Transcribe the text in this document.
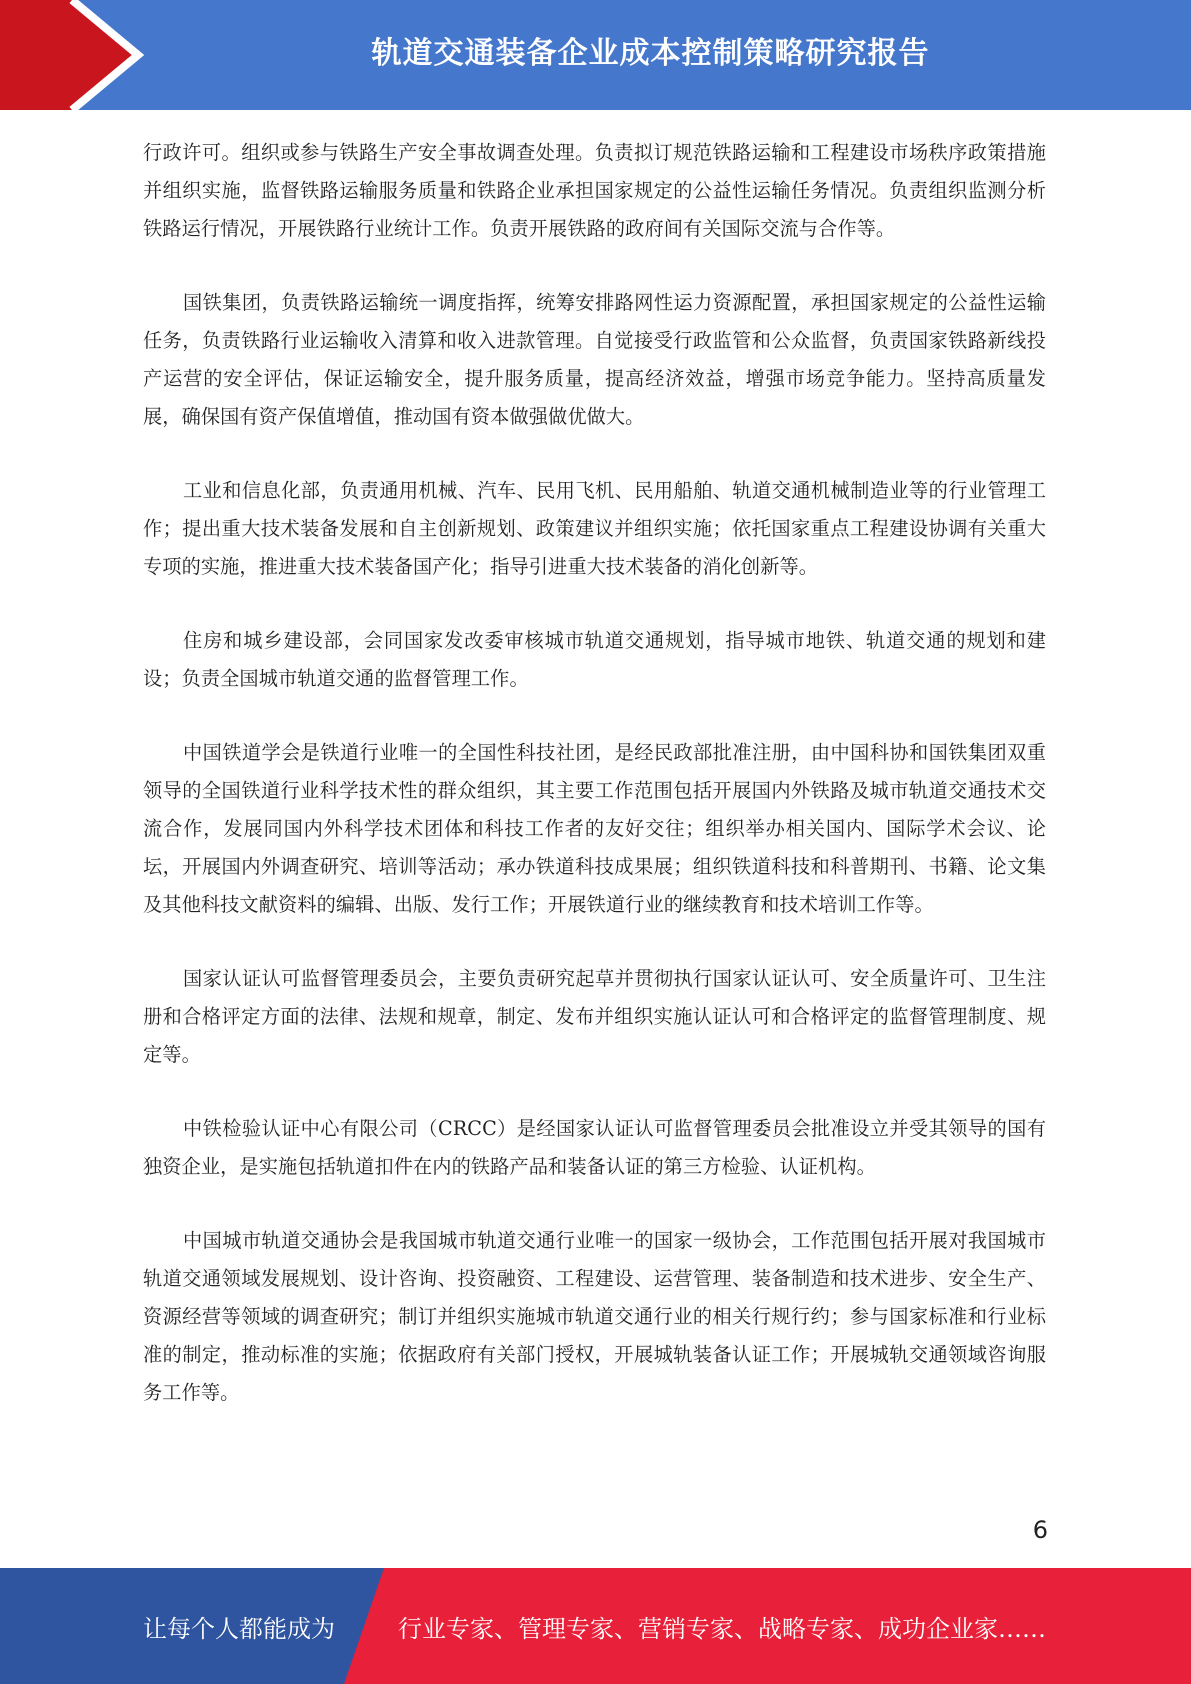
轨道交通装备企业成本控制策略研究报告

行政许可。组织或参与铁路生产安全事故调查处理。负责拟订规范铁路运输和工程建设市场秩序政策措施并组织实施，监督铁路运输服务质量和铁路企业承担国家规定的公益性运输任务情况。负责组织监测分析铁路运行情况，开展铁路行业统计工作。负责开展铁路的政府间有关国际交流与合作等。

国铁集团，负责铁路运输统一调度指挥，统筹安排路网性运力资源配置，承担国家规定的公益性运输任务，负责铁路行业运输收入清算和收入进款管理。自觉接受行政监管和公众监督，负责国家铁路新线投产运营的安全评估，保证运输安全，提升服务质量，提高经济效益，增强市场竞争能力。坚持高质量发展，确保国有资产保值增值，推动国有资本做强做优做大。

工业和信息化部，负责通用机械、汽车、民用飞机、民用船舶、轨道交通机械制造业等的行业管理工作；提出重大技术装备发展和自主创新规划、政策建议并组织实施；依托国家重点工程建设协调有关重大专项的实施，推进重大技术装备国产化；指导引进重大技术装备的消化创新等。

住房和城乡建设部，会同国家发改委审核城市轨道交通规划，指导城市地铁、轨道交通的规划和建设；负责全国城市轨道交通的监督管理工作。

中国铁道学会是铁道行业唯一的全国性科技社团，是经民政部批准注册，由中国科协和国铁集团双重领导的全国铁道行业科学技术性的群众组织，其主要工作范围包括开展国内外铁路及城市轨道交通技术交流合作，发展同国内外科学技术团体和科技工作者的友好交往；组织举办相关国内、国际学术会议、论坛，开展国内外调查研究、培训等活动；承办铁道科技成果展；组织铁道科技和科普期刊、书籍、论文集及其他科技文献资料的编辑、出版、发行工作；开展铁道行业的继续教育和技术培训工作等。

国家认证认可监督管理委员会，主要负责研究起草并贯彻执行国家认证认可、安全质量许可、卫生注册和合格评定方面的法律、法规和规章，制定、发布并组织实施认证认可和合格评定的监督管理制度、规定等。

中铁检验认证中心有限公司（CRCC）是经国家认证认可监督管理委员会批准设立并受其领导的国有独资企业，是实施包括轨道扣件在内的铁路产品和装备认证的第三方检验、认证机构。

中国城市轨道交通协会是我国城市轨道交通行业唯一的国家一级协会，工作范围包括开展对我国城市轨道交通领域发展规划、设计咨询、投资融资、工程建设、运营管理、装备制造和技术进步、安全生产、资源经营等领域的调查研究；制订并组织实施城市轨道交通行业的相关行规行约；参与国家标准和行业标准的制定，推动标准的实施；依据政府有关部门授权，开展城轨装备认证工作；开展城轨交通领域咨询服务工作等。

6
让每个人都能成为	行业专家、管理专家、营销专家、战略专家、成功企业家……
